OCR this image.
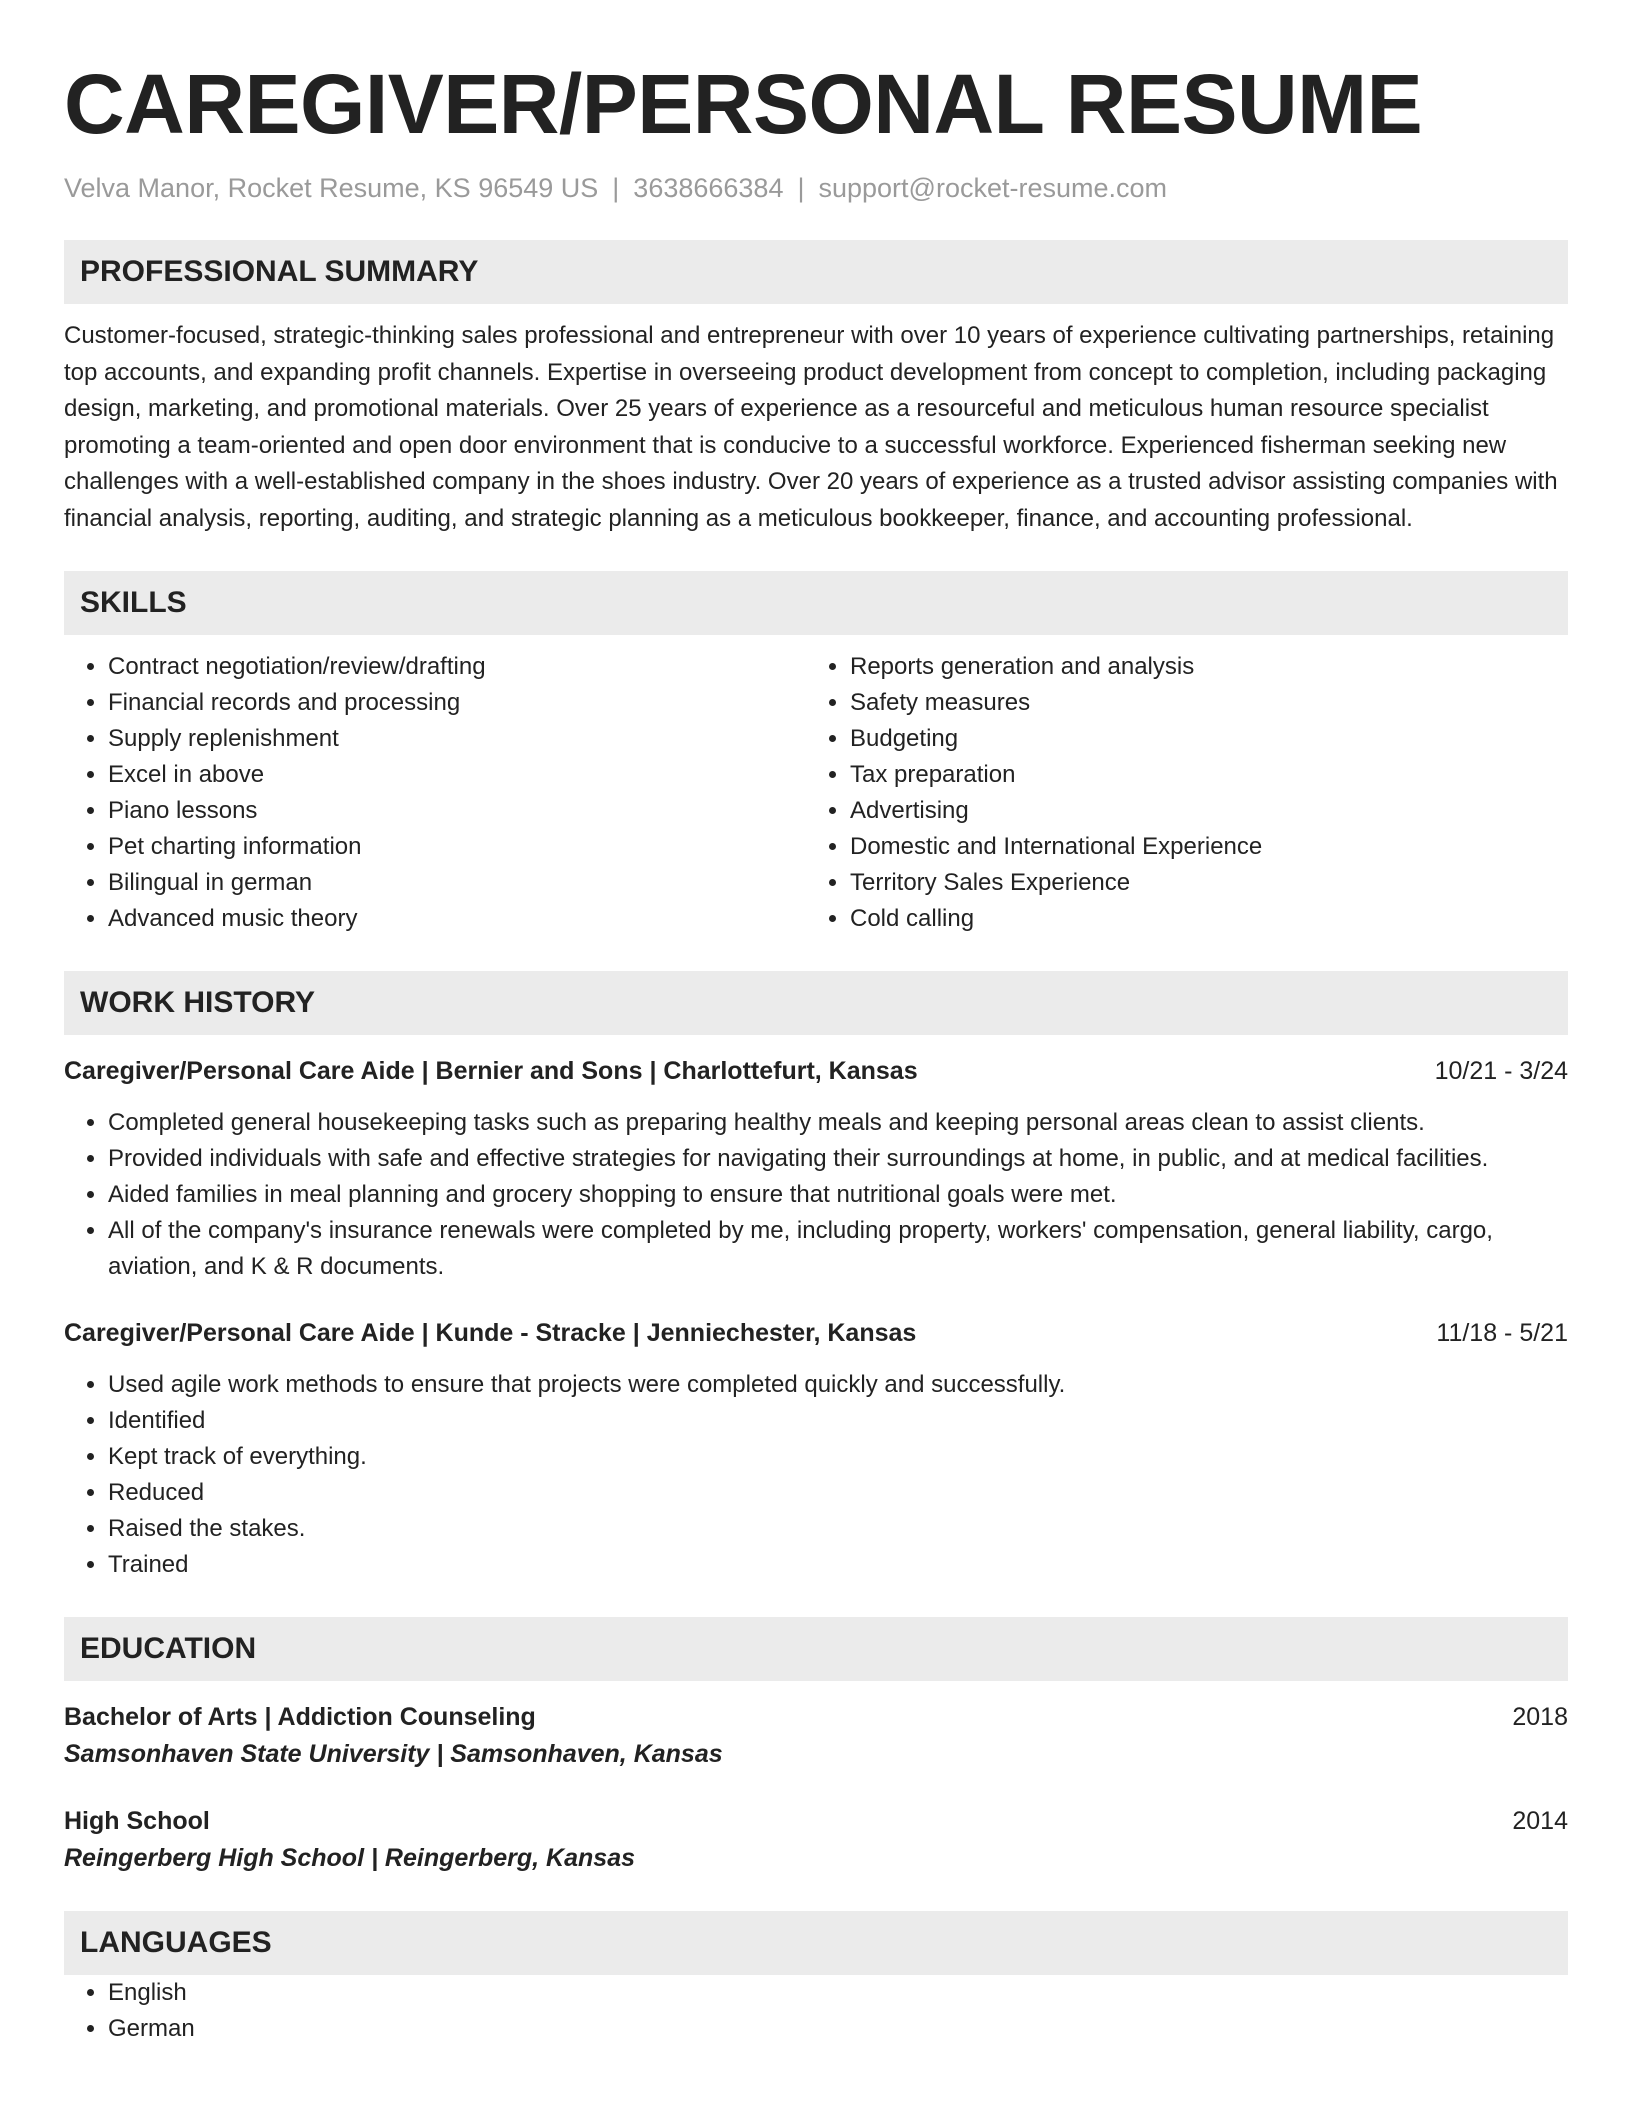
CAREGIVER/PERSONAL RESUME
Velva Manor, Rocket Resume, KS 96549 US | 3638666384 | support@rocket-resume.com
PROFESSIONAL SUMMARY
Customer-focused, strategic-thinking sales professional and entrepreneur with over 10 years of experience cultivating partnerships, retaining top accounts, and expanding profit channels. Expertise in overseeing product development from concept to completion, including packaging design, marketing, and promotional materials. Over 25 years of experience as a resourceful and meticulous human resource specialist promoting a team-oriented and open door environment that is conducive to a successful workforce. Experienced fisherman seeking new challenges with a well-established company in the shoes industry. Over 20 years of experience as a trusted advisor assisting companies with financial analysis, reporting, auditing, and strategic planning as a meticulous bookkeeper, finance, and accounting professional.
SKILLS
• Contract negotiation/review/drafting
• Financial records and processing
• Supply replenishment
• Excel in above
• Piano lessons
• Pet charting information
• Bilingual in german
• Advanced music theory
• Reports generation and analysis
• Safety measures
• Budgeting
• Tax preparation
• Advertising
• Domestic and International Experience
• Territory Sales Experience
• Cold calling
WORK HISTORY
Caregiver/Personal Care Aide | Bernier and Sons | Charlottefurt, Kansas	10/21 - 3/24
• Completed general housekeeping tasks such as preparing healthy meals and keeping personal areas clean to assist clients.
• Provided individuals with safe and effective strategies for navigating their surroundings at home, in public, and at medical facilities.
• Aided families in meal planning and grocery shopping to ensure that nutritional goals were met.
• All of the company's insurance renewals were completed by me, including property, workers' compensation, general liability, cargo, aviation, and K & R documents.
Caregiver/Personal Care Aide | Kunde - Stracke | Jenniechester, Kansas	11/18 - 5/21
• Used agile work methods to ensure that projects were completed quickly and successfully.
• Identified
• Kept track of everything.
• Reduced
• Raised the stakes.
• Trained
EDUCATION
Bachelor of Arts | Addiction Counseling	2018
Samsonhaven State University | Samsonhaven, Kansas
High School	2014
Reingerberg High School | Reingerberg, Kansas
LANGUAGES
• English
• German
